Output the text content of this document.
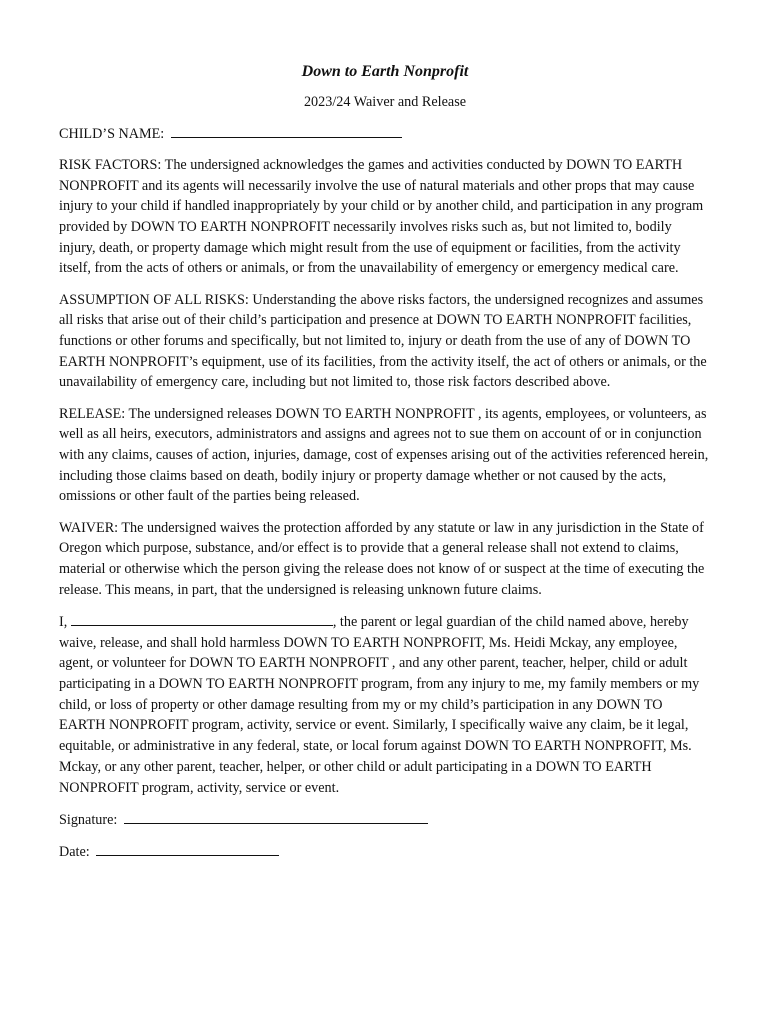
Down to Earth Nonprofit
2023/24 Waiver and Release
CHILD’S NAME:

RISK FACTORS: The undersigned acknowledges the games and activities conducted by DOWN TO EARTH NONPROFIT and its agents will necessarily involve the use of natural materials and other props that may cause injury to your child if handled inappropriately by your child or by another child, and participation in any program provided by DOWN TO EARTH NONPROFIT necessarily involves risks such as, but not limited to, bodily injury, death, or property damage which might result from the use of equipment or facilities, from the activity itself, from the acts of others or animals, or from the unavailability of emergency or emergency medical care.

ASSUMPTION OF ALL RISKS: Understanding the above risks factors, the undersigned recognizes and assumes all risks that arise out of their child’s participation and presence at DOWN TO EARTH NONPROFIT facilities, functions or other forums and specifically, but not limited to, injury or death from the use of any of DOWN TO EARTH NONPROFIT’s equipment, use of its facilities, from the activity itself, the act of others or animals, or the unavailability of emergency care, including but not limited to, those risk factors described above.

RELEASE: The undersigned releases DOWN TO EARTH NONPROFIT , its agents, employees, or volunteers, as well as all heirs, executors, administrators and assigns and agrees not to sue them on account of or in conjunction with any claims, causes of action, injuries, damage, cost of expenses arising out of the activities referenced herein, including those claims based on death, bodily injury or property damage whether or not caused by the acts, omissions or other fault of the parties being released.

WAIVER: The undersigned waives the protection afforded by any statute or law in any jurisdiction in the State of Oregon which purpose, substance, and/or effect is to provide that a general release shall not extend to claims, material or otherwise which the person giving the release does not know of or suspect at the time of executing the release. This means, in part, that the undersigned is releasing unknown future claims.

I,	, the parent or legal guardian of the child named above, hereby waive, release, and shall hold harmless DOWN TO EARTH NONPROFIT, Ms. Heidi Mckay, any employee, agent, or volunteer for DOWN TO EARTH NONPROFIT , and any other parent, teacher, helper, child or adult participating in a DOWN TO EARTH NONPROFIT program, from any injury to me, my family members or my child, or loss of property or other damage resulting from my or my child’s participation in any DOWN TO EARTH NONPROFIT program, activity, service or event. Similarly, I specifically waive any claim, be it legal, equitable, or administrative in any federal, state, or local forum against DOWN TO EARTH NONPROFIT, Ms. Mckay, or any other parent, teacher, helper, or other child or adult participating in a DOWN TO EARTH NONPROFIT program, activity, service or event.

Signature:
Date:
